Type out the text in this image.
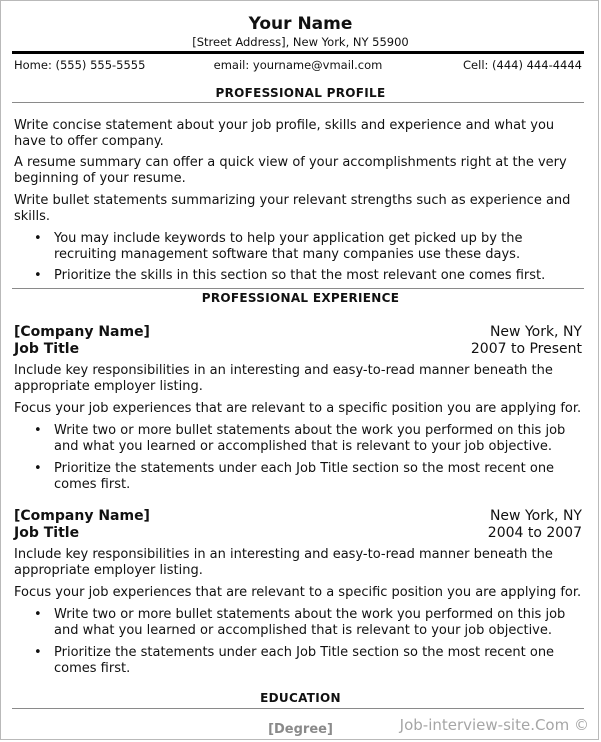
Your Name
[Street Address], New York, NY 55900
email: yourname@vmail.com
Home: (555) 555-5555	Cell: (444) 444-4444
PROFESSIONAL PROFILE
Write concise statement about your job profile, skills and experience and what you have to offer company.
A resume summary can offer a quick view of your accomplishments right at the very beginning of your resume.
Write bullet statements summarizing your relevant strengths such as experience and skills.
• You may include keywords to help your application get picked up by the recruiting management software that many companies use these days.
• Prioritize the skills in this section so that the most relevant one comes first.
PROFESSIONAL EXPERIENCE
[Company Name]	New York, NY
Job Title	2007 to Present
Include key responsibilities in an interesting and easy-to-read manner beneath the appropriate employer listing.
Focus your job experiences that are relevant to a specific position you are applying for.
• Write two or more bullet statements about the work you performed on this job and what you learned or accomplished that is relevant to your job objective.
• Prioritize the statements under each Job Title section so the most recent one comes first.
[Company Name]	New York, NY
Job Title	2004 to 2007
Include key responsibilities in an interesting and easy-to-read manner beneath the appropriate employer listing.
Focus your job experiences that are relevant to a specific position you are applying for.
• Write two or more bullet statements about the work you performed on this job and what you learned or accomplished that is relevant to your job objective.
• Prioritize the statements under each Job Title section so the most recent one comes first.
EDUCATION
[Degree]	Job-interview-site.Com ©
